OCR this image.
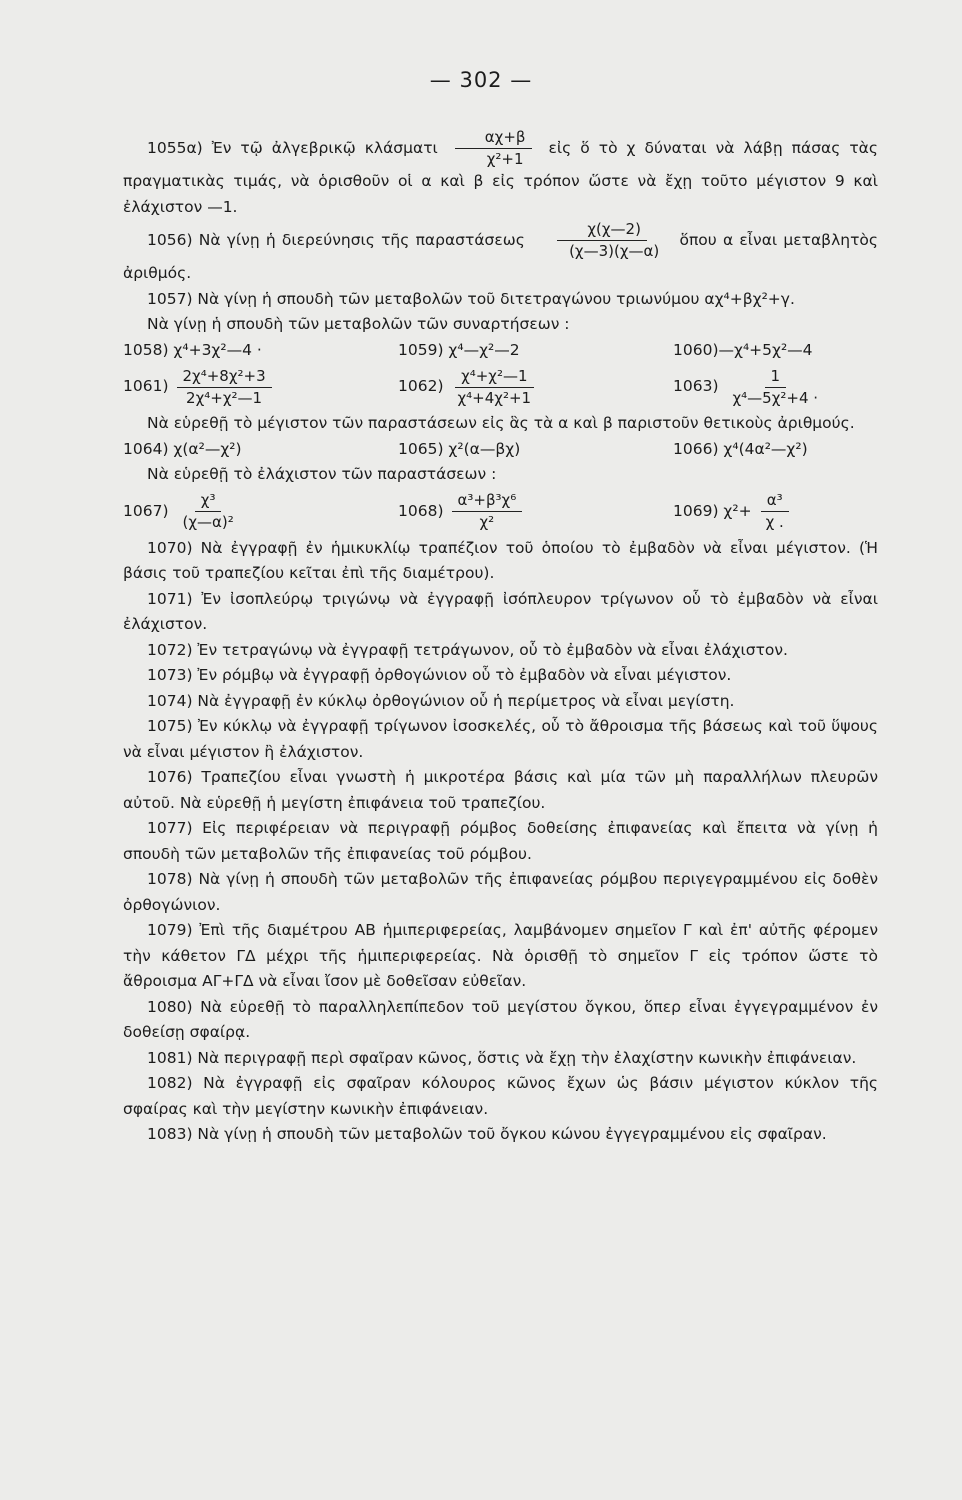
— 302 —

1055α) Ἐν τῷ ἀλγεβρικῷ κλάσματι $\frac{\alpha\chi+\beta}{\text{χ²+1}}$ εἰς ὅ τὸ χ δύναται νὰ λάβῃ πάσας τὰς πραγματικὰς τιμάς, νὰ ὁρισθοῦν οἱ α καὶ β εἰς τρόπον ὥστε νὰ ἔχῃ τοῦτο μέγιστον 9 καὶ ἐλάχιστον —1.

1056) Νὰ γίνῃ ἡ διερεύνησις τῆς παραστάσεως $\frac{\chi(\chi—2)}{(\chi—3)(\chi—\alpha)}$ ὅπου α εἶναι μεταβλητὸς ἀριθμός.

1057) Νὰ γίνῃ ἡ σπουδὴ τῶν μεταβολῶν τοῦ διτετραγώνου τριωνύμου αχ⁴+βχ²+γ.

Νὰ γίνῃ ἡ σπουδὴ τῶν μεταβολῶν τῶν συναρτήσεων :

1058) χ⁴+3χ²—4 ·	1059) χ⁴—χ²—2	1060)—χ⁴+5χ²—4
$1061) \frac{\text{2χ⁴+8χ²+3}}{\text{2χ⁴+χ²—1}}$	$1062) \frac{\text{χ⁴+χ²—1}}{\text{χ⁴+4χ²+1}}$	$1063) \frac{1}{\text{χ⁴—5χ²+4 ·}}$

Νὰ εὑρεθῇ τὸ μέγιστον τῶν παραστάσεων εἰς ἃς τὰ α καὶ β παριστοῦν θετικοὺς ἀριθμούς.

1064) χ(α²—χ²)	1065) χ²(α—βχ)	1066) χ⁴(4α²—χ²)

Νὰ εὑρεθῇ τὸ ἐλάχιστον τῶν παραστάσεων :

$1067) \frac{\text{χ³}}{\text{(χ—α)²}}$	$1068) \frac{\text{α³+β³χ⁶}}{\text{χ²}}$	1069) $\chi^2+ \frac{\text{α³}}{\chi .}$

1070) Νὰ ἐγγραφῇ ἐν ἡμικυκλίῳ τραπέζιον τοῦ ὁποίου τὸ ἐμβαδὸν νὰ εἶναι μέγιστον. (Ἡ βάσις τοῦ τραπεζίου κεῖται ἐπὶ τῆς διαμέτρου).

1071) Ἐν ἰσοπλεύρῳ τριγώνῳ νὰ ἐγγραφῇ ἰσόπλευρον τρίγωνον οὗ τὸ ἐμβαδὸν νὰ εἶναι ἐλάχιστον.

1072) Ἐν τετραγώνῳ νὰ ἐγγραφῇ τετράγωνον, οὗ τὸ ἐμβαδὸν νὰ εἶναι ἐλάχιστον.

1073) Ἐν ρόμβῳ νὰ ἐγγραφῇ ὀρθογώνιον οὗ τὸ ἐμβαδὸν νὰ εἶναι μέγιστον.

1074) Νὰ ἐγγραφῇ ἐν κύκλῳ ὀρθογώνιον οὗ ἡ περίμετρος νὰ εἶναι μεγίστη.

1075) Ἐν κύκλῳ νὰ ἐγγραφῇ τρίγωνον ἰσοσκελές, οὗ τὸ ἄθροισμα τῆς βάσεως καὶ τοῦ ὕψους νὰ εἶναι μέγιστον ἢ ἐλάχιστον.

1076) Τραπεζίου εἶναι γνωστὴ ἡ μικροτέρα βάσις καὶ μία τῶν μὴ παραλλήλων πλευρῶν αὐτοῦ. Νὰ εὑρεθῇ ἡ μεγίστη ἐπιφάνεια τοῦ τραπεζίου.

1077) Εἰς περιφέρειαν νὰ περιγραφῇ ρόμβος δοθείσης ἐπιφανείας καὶ ἔπειτα νὰ γίνῃ ἡ σπουδὴ τῶν μεταβολῶν τῆς ἐπιφανείας τοῦ ρόμβου.

1078) Νὰ γίνῃ ἡ σπουδὴ τῶν μεταβολῶν τῆς ἐπιφανείας ρόμβου περιγεγραμμένου εἰς δοθὲν ὀρθογώνιον.

1079) Ἐπὶ τῆς διαμέτρου ΑΒ ἡμιπεριφερείας, λαμβάνομεν σημεῖον Γ καὶ ἐπ' αὐτῆς φέρομεν τὴν κάθετον ΓΔ μέχρι τῆς ἡμιπεριφερείας. Νὰ ὁρισθῇ τὸ σημεῖον Γ εἰς τρόπον ὥστε τὸ ἄθροισμα ΑΓ+ΓΔ νὰ εἶναι ἴσον μὲ δοθεῖσαν εὐθεῖαν.

1080) Νὰ εὑρεθῇ τὸ παραλληλεπίπεδον τοῦ μεγίστου ὄγκου, ὅπερ εἶναι ἐγγεγραμμένον ἐν δοθείσῃ σφαίρᾳ.

1081) Νὰ περιγραφῇ περὶ σφαῖραν κῶνος, ὅστις νὰ ἔχῃ τὴν ἐλαχίστην κωνικὴν ἐπιφάνειαν.

1082) Νὰ ἐγγραφῇ εἰς σφαῖραν κόλουρος κῶνος ἔχων ὡς βάσιν μέγιστον κύκλον τῆς σφαίρας καὶ τὴν μεγίστην κωνικὴν ἐπιφάνειαν.

1083) Νὰ γίνῃ ἡ σπουδὴ τῶν μεταβολῶν τοῦ ὄγκου κώνου ἐγγεγραμμένου εἰς σφαῖραν.
